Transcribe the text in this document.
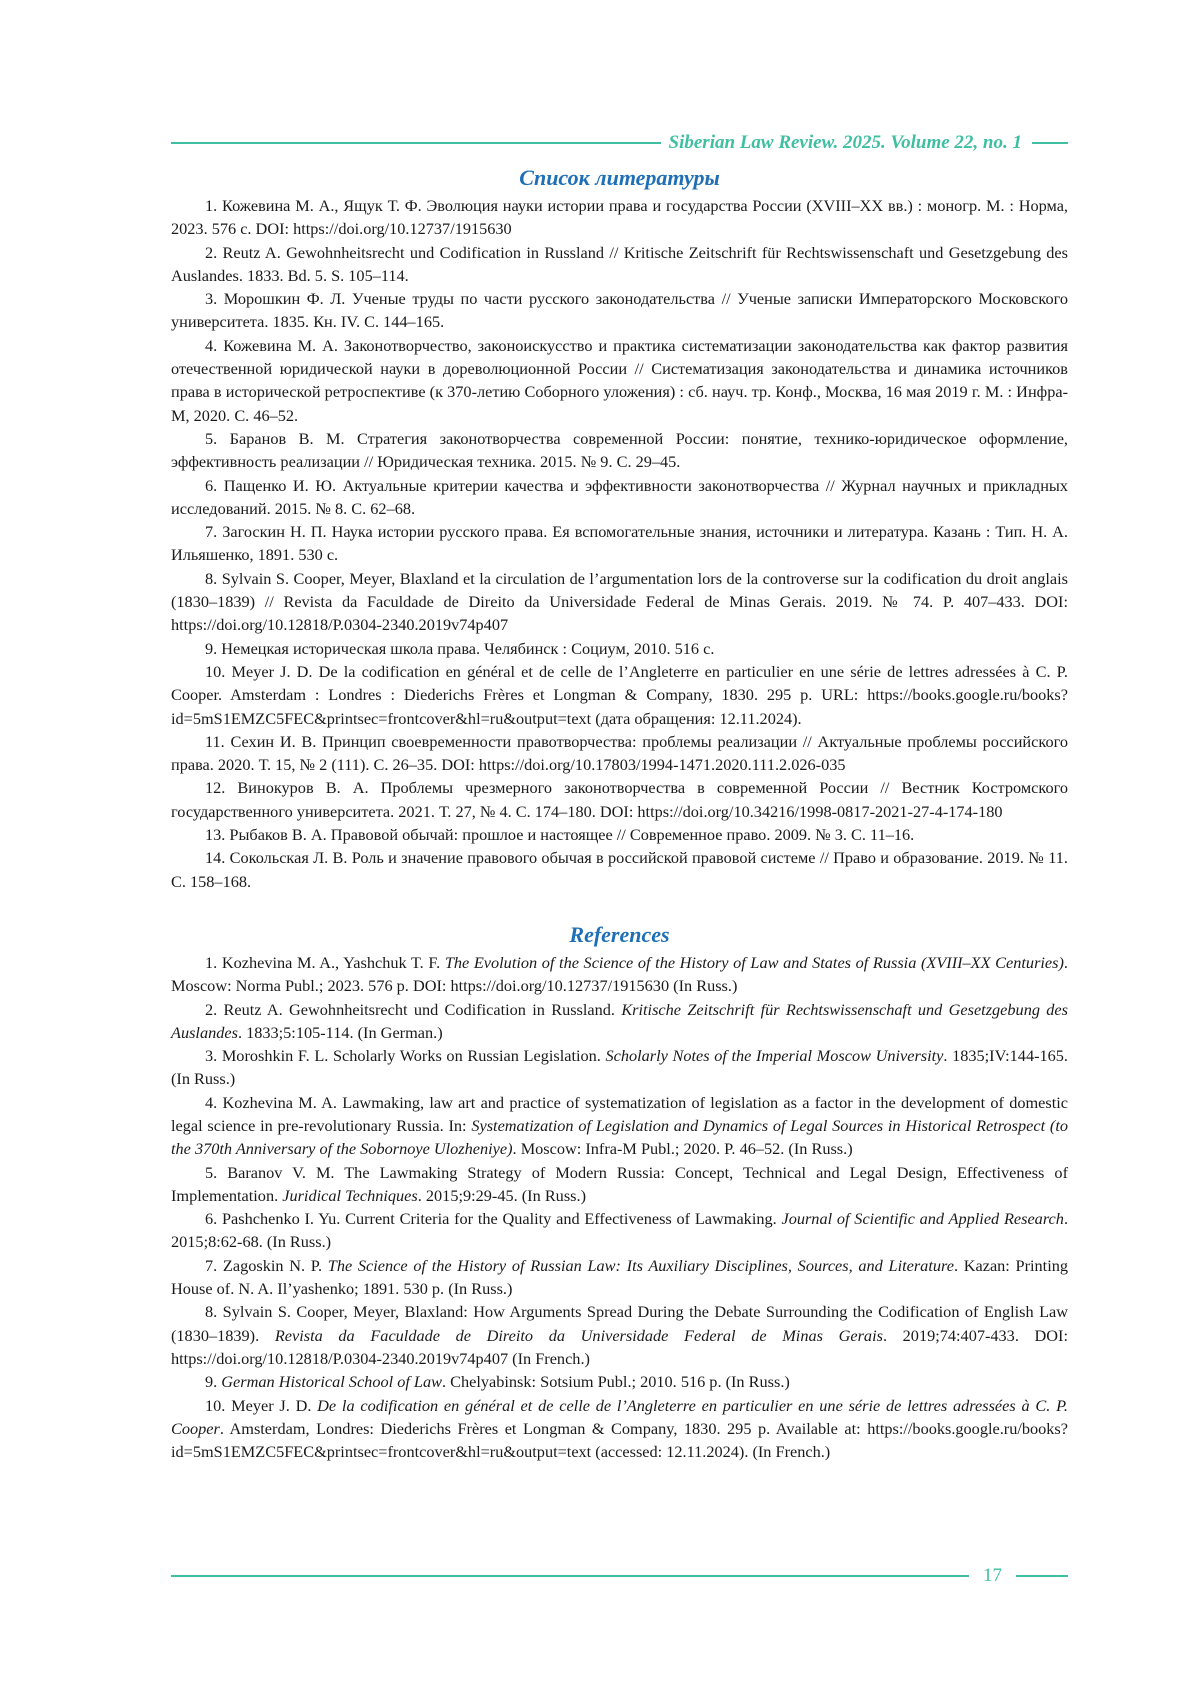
Siberian Law Review. 2025. Volume 22, no. 1
Список литературы
1. Кожевина М. А., Ящук Т. Ф. Эволюция науки истории права и государства России (XVIII–XX вв.) : моногр. М. : Норма, 2023. 576 с. DOI: https://doi.org/10.12737/1915630
2. Reutz A. Gewohnheitsrecht und Codification in Russland // Kritische Zeitschrift für Rechtswissenschaft und Gesetzgebung des Auslandes. 1833. Bd. 5. S. 105–114.
3. Морошкин Ф. Л. Ученые труды по части русского законодательства // Ученые записки Императорского Московского университета. 1835. Кн. IV. С. 144–165.
4. Кожевина М. А. Законотворчество, законоискусство и практика систематизации законодательства как фактор развития отечественной юридической науки в дореволюционной России // Систематизация законодательства и динамика источников права в исторической ретроспективе (к 370-летию Соборного уложения) : сб. науч. тр. Конф., Москва, 16 мая 2019 г. М. : Инфра-М, 2020. С. 46–52.
5. Баранов В. М. Стратегия законотворчества современной России: понятие, технико-юридическое оформление, эффективность реализации // Юридическая техника. 2015. № 9. С. 29–45.
6. Пащенко И. Ю. Актуальные критерии качества и эффективности законотворчества // Журнал научных и прикладных исследований. 2015. № 8. С. 62–68.
7. Загоскин Н. П. Наука истории русского права. Ея вспомогательные знания, источники и литература. Казань : Тип. Н. А. Ильяшенко, 1891. 530 с.
8. Sylvain S. Cooper, Meyer, Blaxland et la circulation de l’argumentation lors de la controverse sur la codification du droit anglais (1830–1839) // Revista da Faculdade de Direito da Universidade Federal de Minas Gerais. 2019. № 74. P. 407–433. DOI: https://doi.org/10.12818/P.0304-2340.2019v74p407
9. Немецкая историческая школа права. Челябинск : Социум, 2010. 516 с.
10. Meyer J. D. De la codification en général et de celle de l’Angleterre en particulier en une série de lettres adressées à C. P. Cooper. Amsterdam : Londres : Diederichs Frères et Longman & Company, 1830. 295 p. URL: https://books.google.ru/books?id=5mS1EMZC5FEC&printsec=frontcover&hl=ru&output=text (дата обращения: 12.11.2024).
11. Сехин И. В. Принцип своевременности правотворчества: проблемы реализации // Актуальные проблемы российского права. 2020. Т. 15, № 2 (111). С. 26–35. DOI: https://doi.org/10.17803/1994-1471.2020.111.2.026-035
12. Винокуров В. А. Проблемы чрезмерного законотворчества в современной России // Вестник Костромского государственного университета. 2021. Т. 27, № 4. С. 174–180. DOI: https://doi.org/10.34216/1998-0817-2021-27-4-174-180
13. Рыбаков В. А. Правовой обычай: прошлое и настоящее // Современное право. 2009. № 3. С. 11–16.
14. Сокольская Л. В. Роль и значение правового обычая в российской правовой системе // Право и образование. 2019. № 11. С. 158–168.
References
1. Kozhevina M. A., Yashchuk T. F. The Evolution of the Science of the History of Law and States of Russia (XVIII–XX Centuries). Moscow: Norma Publ.; 2023. 576 p. DOI: https://doi.org/10.12737/1915630 (In Russ.)
2. Reutz A. Gewohnheitsrecht und Codification in Russland. Kritische Zeitschrift für Rechtswissenschaft und Gesetzgebung des Auslandes. 1833;5:105-114. (In German.)
3. Moroshkin F. L. Scholarly Works on Russian Legislation. Scholarly Notes of the Imperial Moscow University. 1835;IV:144-165. (In Russ.)
4. Kozhevina M. A. Lawmaking, law art and practice of systematization of legislation as a factor in the development of domestic legal science in pre-revolutionary Russia. In: Systematization of Legislation and Dynamics of Legal Sources in Historical Retrospect (to the 370th Anniversary of the Sobornoye Ulozheniye). Moscow: Infra-M Publ.; 2020. P. 46–52. (In Russ.)
5. Baranov V. M. The Lawmaking Strategy of Modern Russia: Concept, Technical and Legal Design, Effectiveness of Implementation. Juridical Techniques. 2015;9:29-45. (In Russ.)
6. Pashchenko I. Yu. Current Criteria for the Quality and Effectiveness of Lawmaking. Journal of Scientific and Applied Research. 2015;8:62-68. (In Russ.)
7. Zagoskin N. P. The Science of the History of Russian Law: Its Auxiliary Disciplines, Sources, and Literature. Kazan: Printing House of. N. A. Il’yashenko; 1891. 530 p. (In Russ.)
8. Sylvain S. Cooper, Meyer, Blaxland: How Arguments Spread During the Debate Surrounding the Codification of English Law (1830–1839). Revista da Faculdade de Direito da Universidade Federal de Minas Gerais. 2019;74:407-433. DOI: https://doi.org/10.12818/P.0304-2340.2019v74p407 (In French.)
9. German Historical School of Law. Chelyabinsk: Sotsium Publ.; 2010. 516 p. (In Russ.)
10. Meyer J. D. De la codification en général et de celle de l’Angleterre en particulier en une série de lettres adressées à C. P. Cooper. Amsterdam, Londres: Diederichs Frères et Longman & Company, 1830. 295 p. Available at: https://books.google.ru/books?id=5mS1EMZC5FEC&printsec=frontcover&hl=ru&output=text (accessed: 12.11.2024). (In French.)
17
